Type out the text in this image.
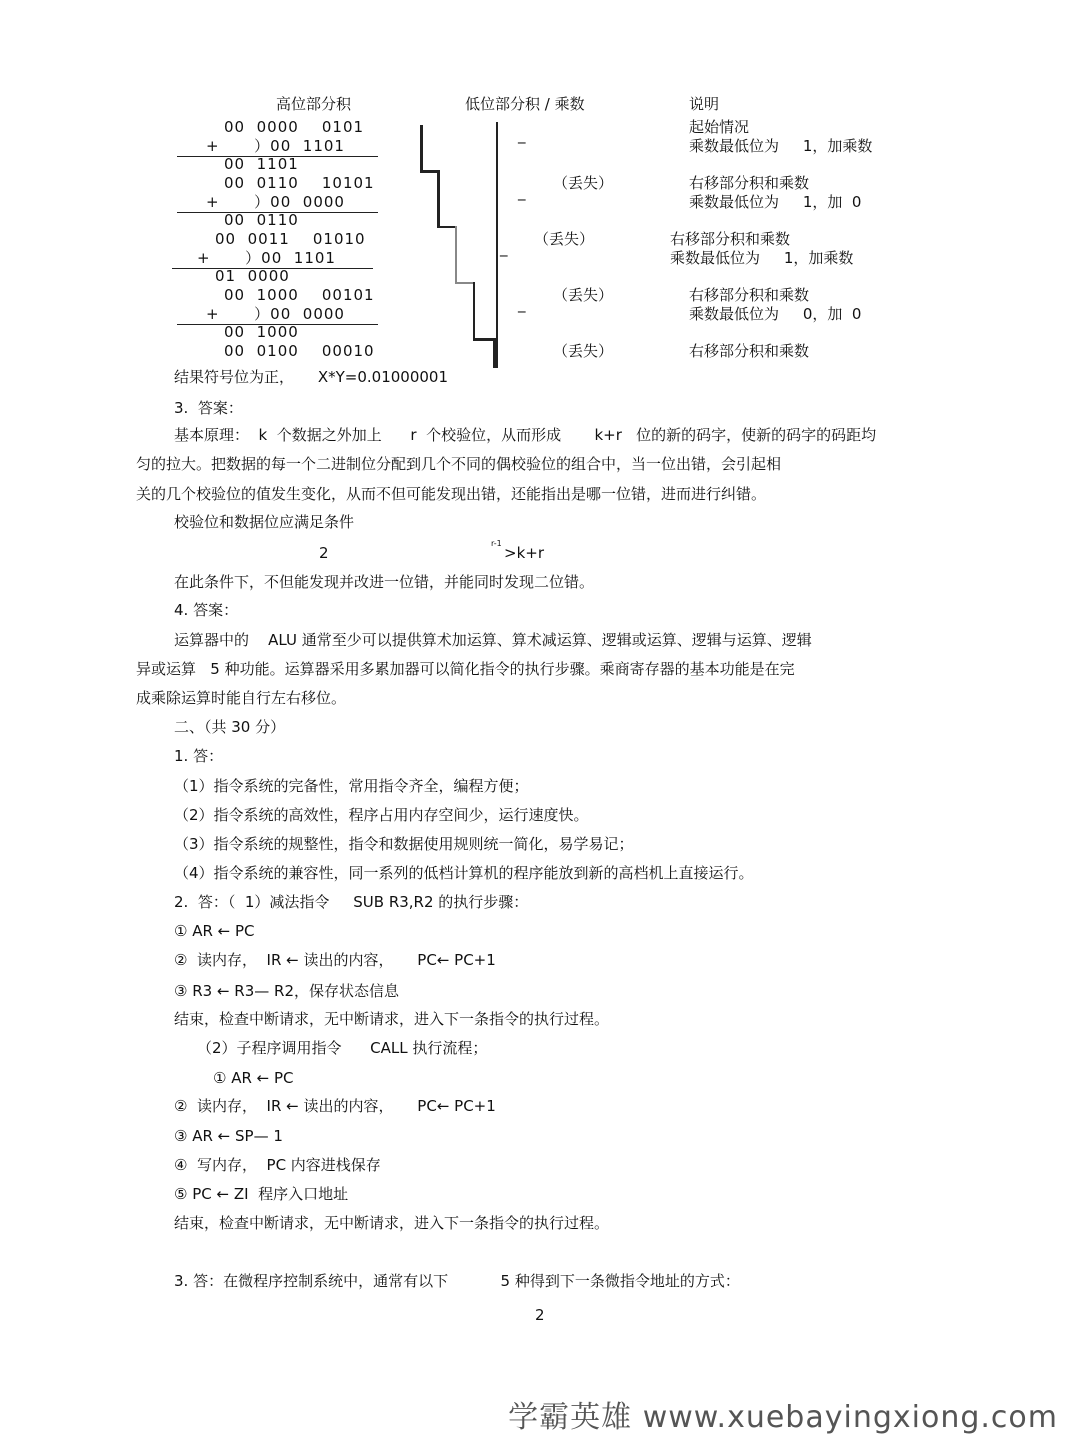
高位部分积	低位部分积 / 乘数	说明
00  0000    0101
+      ）00  1101
00  1101
00  0110    10101
+      ）00  0000
00  0110
00  0011    01010
+      ）00  1101
01  0000
00  1000    00101
+      ）00  0000
00  1000
00  0100    00010
_
_ （丢失）
_ （丢失）
_ （丢失）
（丢失）
起始情况
乘数最低位为     1，加乘数
右移部分积和乘数
乘数最低位为     1，加  0
右移部分积和乘数
乘数最低位为     1，加乘数
右移部分积和乘数
乘数最低位为     0，加  0
右移部分积和乘数
结果符号位为正，     X*Y=0.01000001
3.  答案：
基本原理：  k  个数据之外加上      r  个校验位，从而形成       k+r   位的新的码字，使新的码字的码距均
匀的拉大。把数据的每一个二进制位分配到几个不同的偶校验位的组合中，当一位出错，会引起相
关的几个校验位的值发生变化，从而不但可能发现出错，还能指出是哪一位错，进而进行纠错。
校验位和数据位应满足条件
2
r-1
>k+r
在此条件下，不但能发现并改进一位错，并能同时发现二位错。
4. 答案：
运算器中的    ALU 通常至少可以提供算术加运算、算术减运算、逻辑或运算、逻辑与运算、逻辑
异或运算   5 种功能。运算器采用多累加器可以简化指令的执行步骤。乘商寄存器的基本功能是在完
成乘除运算时能自行左右移位。
二、（共 30 分）
1. 答：
（1）指令系统的完备性，常用指令齐全，编程方便；
（2）指令系统的高效性，程序占用内存空间少，运行速度快。
（3）指令系统的规整性，指令和数据使用规则统一简化，易学易记；
（4）指令系统的兼容性，同一系列的低档计算机的程序能放到新的高档机上直接运行。
2.  答：（  1）减法指令     SUB R3,R2 的执行步骤：
① AR ← PC
②  读内存，  IR ← 读出的内容，     PC← PC+1
③ R3 ← R3— R2，保存状态信息
结束，检查中断请求，无中断请求，进入下一条指令的执行过程。
（2）子程序调用指令      CALL 执行流程；
① AR ← PC
②  读内存，  IR ← 读出的内容，     PC← PC+1
③ AR ← SP— 1
④  写内存，  PC 内容进栈保存
⑤ PC ← ZI  程序入口地址
结束，检查中断请求，无中断请求，进入下一条指令的执行过程。
3. 答：在微程序控制系统中，通常有以下           5 种得到下一条微指令地址的方式：
2
学霸英雄 www.xuebayingxiong.com
